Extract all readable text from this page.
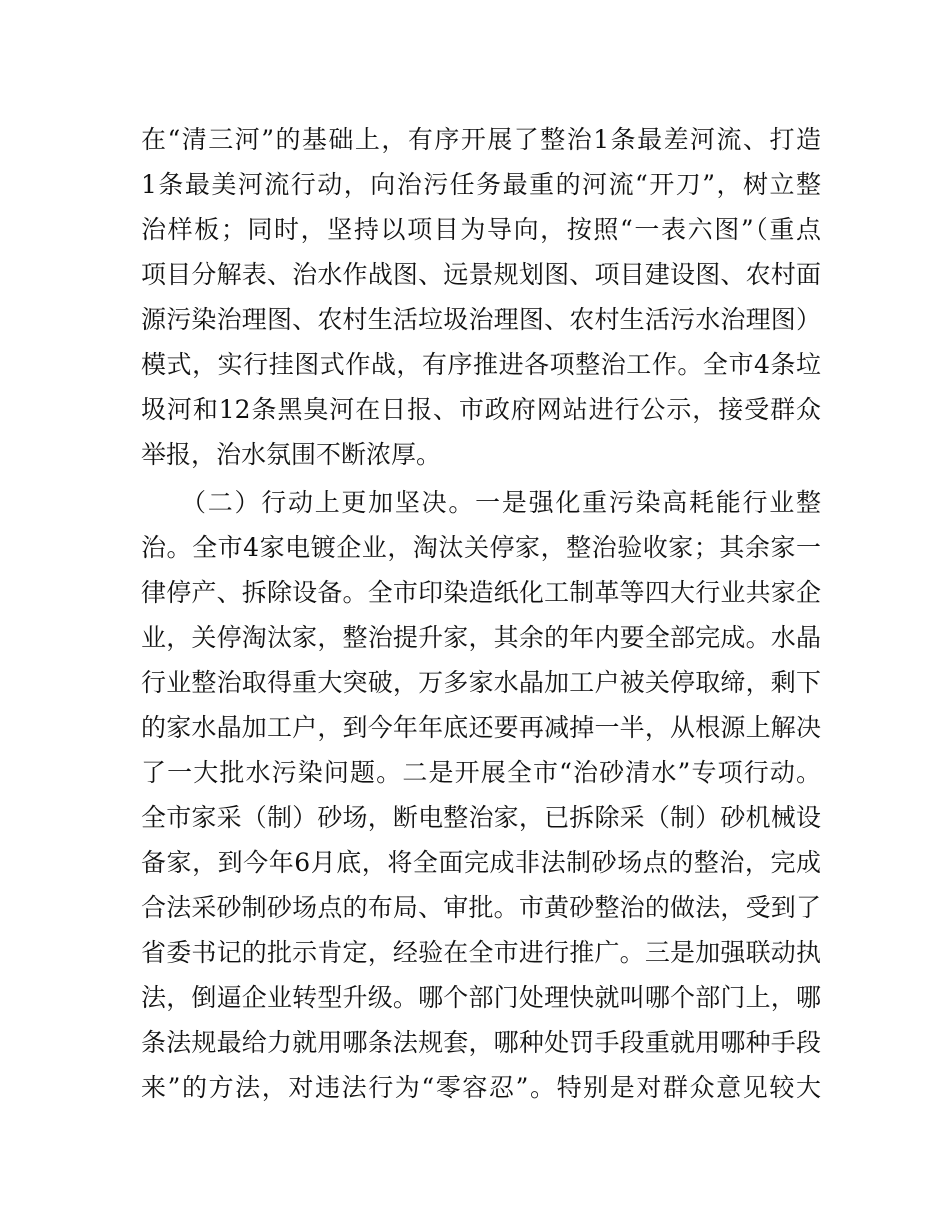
在“清三河”的基础上，有序开展了整治1条最差河流、打造
1条最美河流行动，向治污任务最重的河流“开刀”，树立整
治样板；同时，坚持以项目为导向，按照“一表六图”（重点
项目分解表、治水作战图、远景规划图、项目建设图、农村面
源污染治理图、农村生活垃圾治理图、农村生活污水治理图）
模式，实行挂图式作战，有序推进各项整治工作。全市4条垃
圾河和12条黑臭河在日报、市政府网站进行公示，接受群众
举报，治水氛围不断浓厚。
（二）行动上更加坚决。一是强化重污染高耗能行业整
治。全市4家电镀企业，淘汰关停家，整治验收家；其余家一
律停产、拆除设备。全市印染造纸化工制革等四大行业共家企
业，关停淘汰家，整治提升家，其余的年内要全部完成。水晶
行业整治取得重大突破，万多家水晶加工户被关停取缔，剩下
的家水晶加工户，到今年年底还要再减掉一半，从根源上解决
了一大批水污染问题。二是开展全市“治砂清水”专项行动。
全市家采（制）砂场，断电整治家，已拆除采（制）砂机械设
备家，到今年6月底，将全面完成非法制砂场点的整治，完成
合法采砂制砂场点的布局、审批。市黄砂整治的做法，受到了
省委书记的批示肯定，经验在全市进行推广。三是加强联动执
法，倒逼企业转型升级。哪个部门处理快就叫哪个部门上，哪
条法规最给力就用哪条法规套，哪种处罚手段重就用哪种手段
来”的方法，对违法行为“零容忍”。特别是对群众意见较大
